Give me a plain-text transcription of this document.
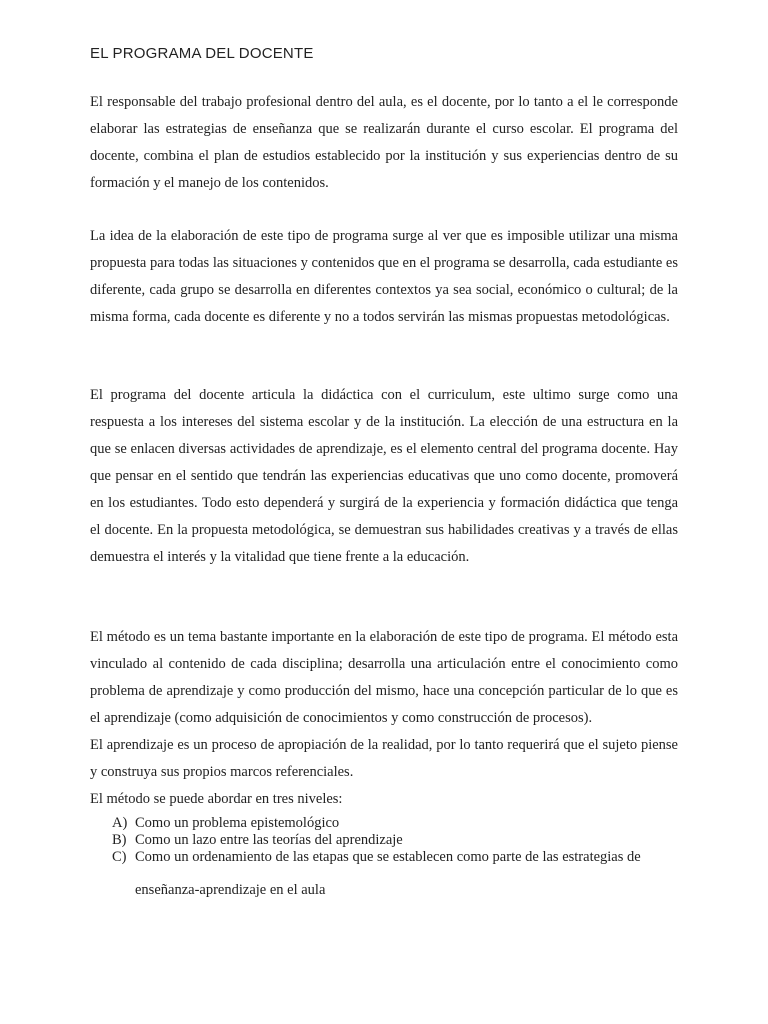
EL PROGRAMA DEL DOCENTE

El responsable del trabajo profesional dentro del aula, es el docente, por lo tanto a el le corresponde elaborar las estrategias de enseñanza que se realizarán durante el curso escolar. El programa del docente, combina el plan de estudios establecido por la institución y sus experiencias dentro de su formación y el manejo de los contenidos.

La idea de la elaboración de este tipo de programa surge al ver que es imposible utilizar una misma propuesta para todas las situaciones y contenidos que en el programa se desarrolla, cada estudiante es diferente, cada grupo se desarrolla en diferentes contextos ya sea social, económico o cultural; de la misma forma, cada docente es diferente y no a todos servirán las mismas propuestas metodológicas.

El programa del docente articula la didáctica con el curriculum, este ultimo surge como una respuesta a los intereses del sistema escolar y de la institución. La elección de una estructura en la que se enlacen diversas actividades de aprendizaje, es el elemento central del programa docente. Hay que pensar en el sentido que tendrán las experiencias educativas que uno como docente, promoverá en los estudiantes. Todo esto dependerá y surgirá de la experiencia y formación didáctica que tenga el docente. En la propuesta metodológica, se demuestran sus habilidades creativas y a través de ellas demuestra el interés y la vitalidad que tiene frente a la educación.

El método es un tema bastante importante en la elaboración de este tipo de programa. El método esta vinculado al contenido de cada disciplina; desarrolla una articulación entre el conocimiento como problema de aprendizaje y como producción del mismo, hace una concepción particular de lo que es el aprendizaje (como adquisición de conocimientos y como construcción de procesos).

El aprendizaje es un proceso de apropiación de la realidad, por lo tanto requerirá que el sujeto piense y construya sus propios marcos referenciales.

El método se puede abordar en tres niveles:

A) Como un problema epistemológico
B) Como un lazo entre las teorías del aprendizaje
C) Como un ordenamiento de las etapas que se establecen como parte de las estrategias de
enseñanza-aprendizaje en el aula
